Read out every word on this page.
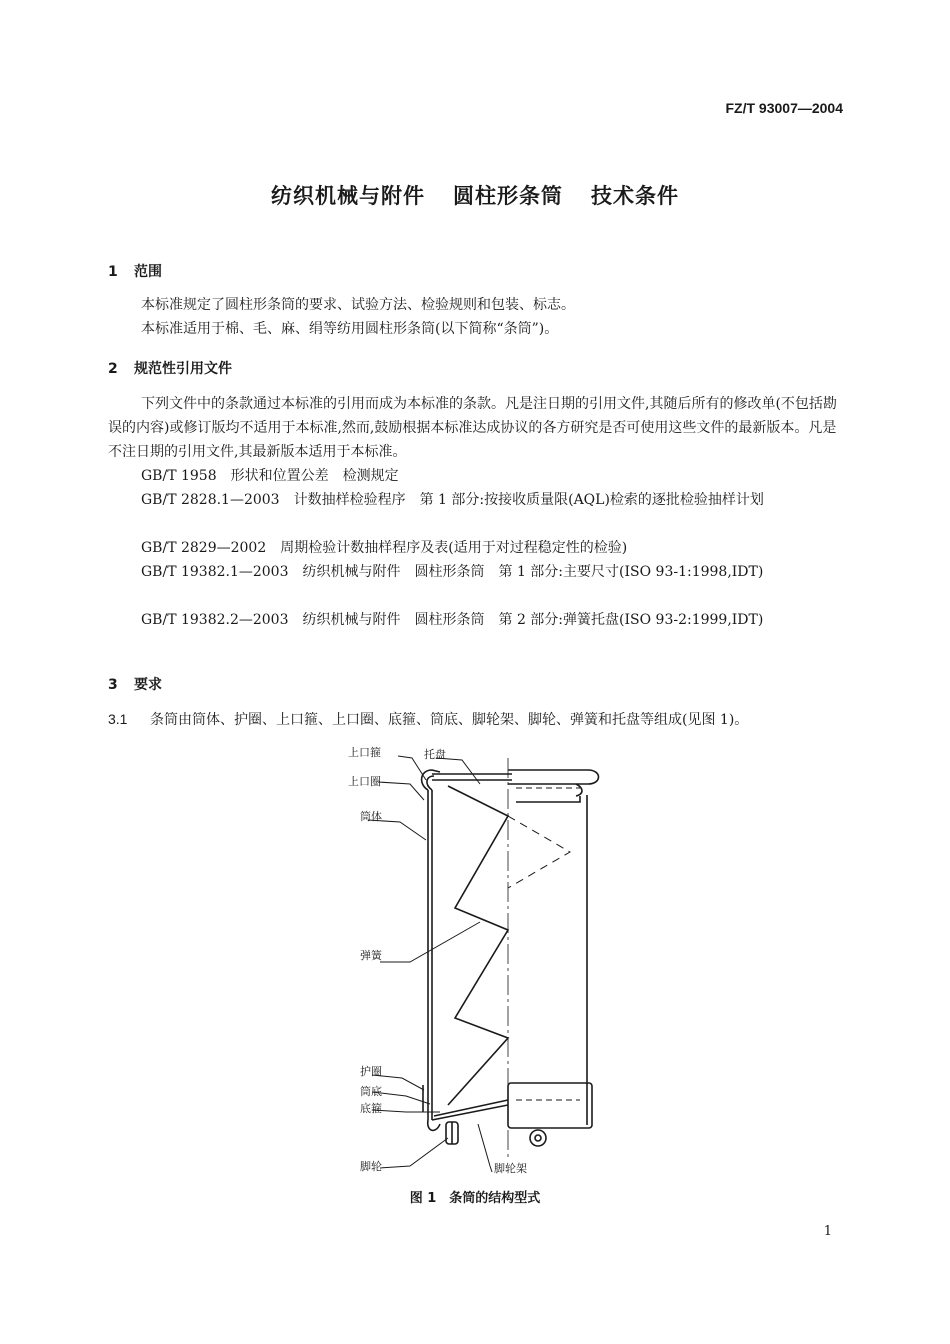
FZ/T 93007—2004
纺织机械与附件 圆柱形条筒 技术条件
1 范围
本标准规定了圆柱形条筒的要求、试验方法、检验规则和包装、标志。
本标准适用于棉、毛、麻、绢等纺用圆柱形条筒(以下简称“条筒”)。
2 规范性引用文件
下列文件中的条款通过本标准的引用而成为本标准的条款。凡是注日期的引用文件,其随后所有的修改单(不包括勘误的内容)或修订版均不适用于本标准,然而,鼓励根据本标准达成协议的各方研究是否可使用这些文件的最新版本。凡是不注日期的引用文件,其最新版本适用于本标准。
GB/T 1958　形状和位置公差　检测规定
GB/T 2828.1—2003　计数抽样检验程序　第 1 部分:按接收质量限(AQL)检索的逐批检验抽样计划
GB/T 2829—2002　周期检验计数抽样程序及表(适用于对过程稳定性的检验)
GB/T 19382.1—2003　纺织机械与附件　圆柱形条筒　第 1 部分:主要尺寸(ISO 93-1:1998,IDT)
GB/T 19382.2—2003　纺织机械与附件　圆柱形条筒　第 2 部分:弹簧托盘(ISO 93-2:1999,IDT)
3 要求
3.1 条筒由筒体、护圈、上口箍、上口圈、底箍、筒底、脚轮架、脚轮、弹簧和托盘等组成(见图 1)。
上口箍	托盘
上口圈
筒体
弹簧
护圈
筒底
底箍
脚轮	脚轮架
图 1　条筒的结构型式
1
